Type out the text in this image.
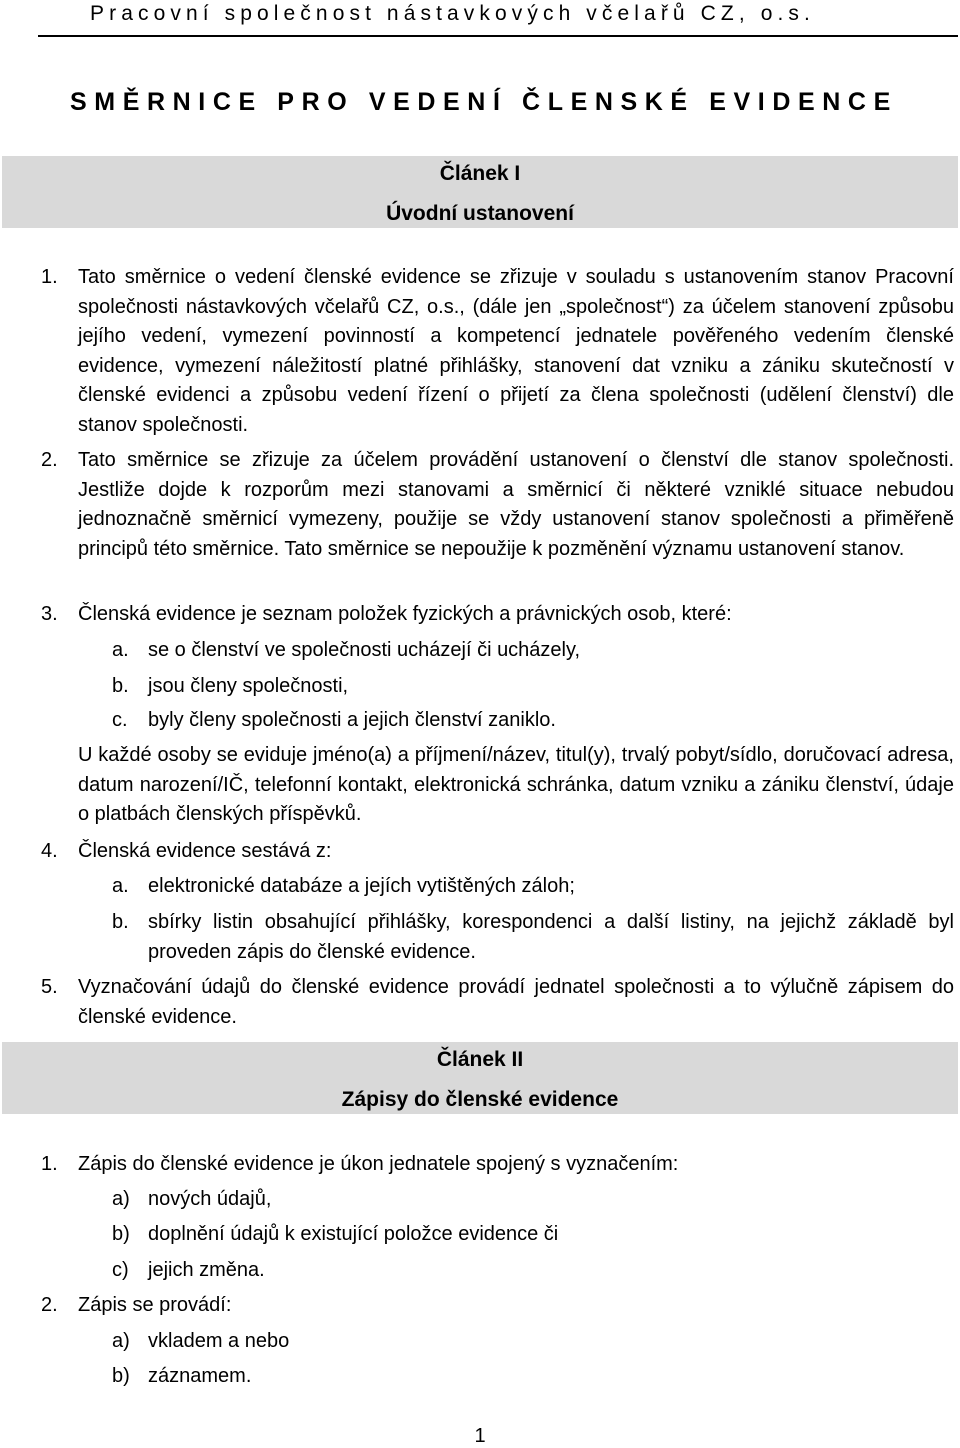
Pracovní společnost nástavkových včelařů CZ, o.s.
SMĚRNICE PRO VEDENÍ ČLENSKÉ EVIDENCE
Článek I
Úvodní ustanovení
1. Tato směrnice o vedení členské evidence se zřizuje v souladu s ustanovením stanov Pracovní společnosti nástavkových včelařů CZ, o.s., (dále jen „společnost“) za účelem stanovení způsobu jejího vedení, vymezení povinností a kompetencí jednatele pověřeného vedením členské evidence, vymezení náležitostí platné přihlášky, stanovení dat vzniku a zániku skutečností v členské evidenci a způsobu vedení řízení o přijetí za člena společnosti (udělení členství) dle stanov společnosti.
2. Tato směrnice se zřizuje za účelem provádění ustanovení o členství dle stanov společnosti. Jestliže dojde k rozporům mezi stanovami a směrnicí či některé vzniklé situace nebudou jednoznačně směrnicí vymezeny, použije se vždy ustanovení stanov společnosti a přiměřeně principů této směrnice. Tato směrnice se nepoužije k pozměnění významu ustanovení stanov.
3. Členská evidence je seznam položek fyzických a právnických osob, které:
a. se o členství ve společnosti ucházejí či ucházely,
b. jsou členy společnosti,
c. byly členy společnosti a jejich členství zaniklo.
U každé osoby se eviduje jméno(a) a příjmení/název, titul(y), trvalý pobyt/sídlo, doručovací adresa, datum narození/IČ, telefonní kontakt, elektronická schránka, datum vzniku a zániku členství, údaje o platbách členských příspěvků.
4. Členská evidence sestává z:
a. elektronické databáze a jejích vytištěných záloh;
b. sbírky listin obsahující přihlášky, korespondenci a další listiny, na jejichž základě byl proveden zápis do členské evidence.
5. Vyznačování údajů do členské evidence provádí jednatel společnosti a to výlučně zápisem do členské evidence.
Článek II
Zápisy do členské evidence
1. Zápis do členské evidence je úkon jednatele spojený s vyznačením:
a) nových údajů,
b) doplnění údajů k existující položce evidence či
c) jejich změna.
2. Zápis se provádí:
a) vkladem a nebo
b) záznamem.
1
